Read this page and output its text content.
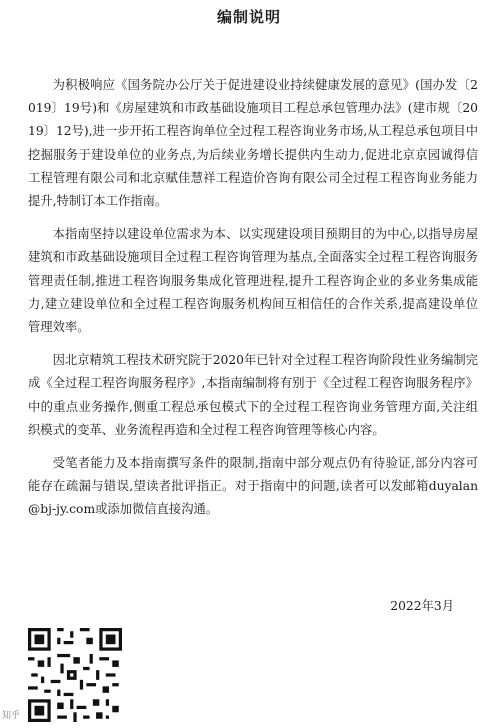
编制说明

为积极响应《国务院办公厅关于促进建设业持续健康发展的意见》(国办发〔2019〕19号)和《房屋建筑和市政基础设施项目工程总承包管理办法》(建市规〔2019〕12号),进一步开拓工程咨询单位全过程工程咨询业务市场,从工程总承包项目中挖掘服务于建设单位的业务点,为后续业务增长提供内生动力,促进北京京园诚得信工程管理有限公司和北京赋佳慧祥工程造价咨询有限公司全过程工程咨询业务能力提升,特制订本工作指南。

本指南坚持以建设单位需求为本、以实现建设项目预期目的为中心,以指导房屋建筑和市政基础设施项目全过程工程咨询管理为基点,全面落实全过程工程咨询服务管理责任制,推进工程咨询服务集成化管理进程,提升工程咨询企业的多业务集成能力,建立建设单位和全过程工程咨询服务机构间互相信任的合作关系,提高建设单位管理效率。

因北京精筑工程技术研究院于2020年已针对全过程工程咨询阶段性业务编制完成《全过程工程咨询服务程序》,本指南编制将有别于《全过程工程咨询服务程序》中的重点业务操作,侧重工程总承包模式下的全过程工程咨询业务管理方面,关注组织模式的变革、业务流程再造和全过程工程咨询管理等核心内容。

受笔者能力及本指南撰写条件的限制,指南中部分观点仍有待验证,部分内容可能存在疏漏与错误,望读者批评指正。对于指南中的问题,读者可以发邮箱duyalan@bj-jy.com或添加微信直接沟通。

2022年3月
知乎
